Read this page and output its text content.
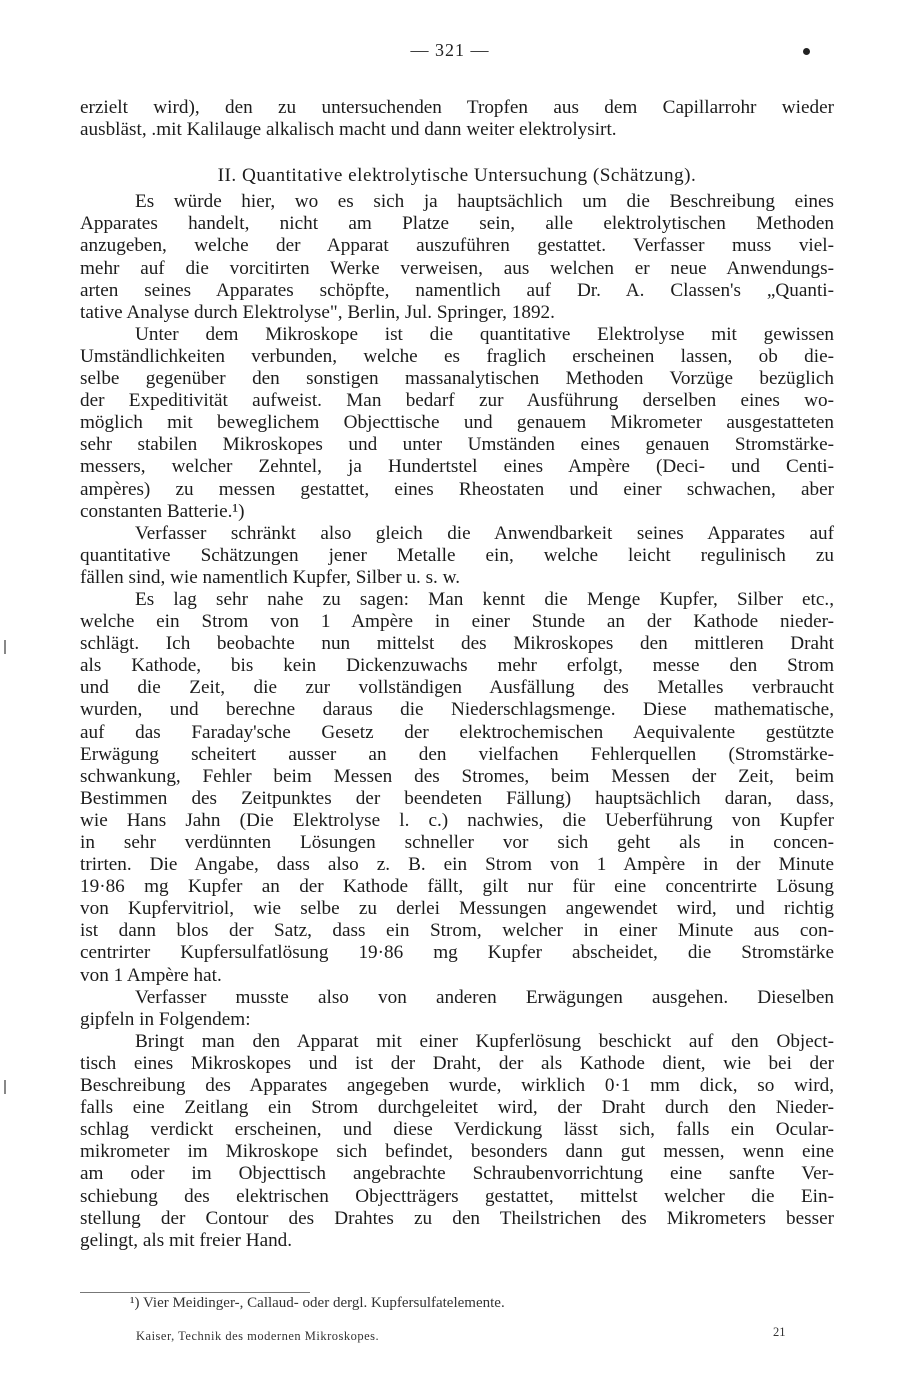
— 321 —
erzielt wird), den zu untersuchenden Tropfen aus dem Capillarrohr wieder
ausbläst, .mit Kalilauge alkalisch macht und dann weiter elektrolysirt.
II. Quantitative elektrolytische Untersuchung (Schätzung).
Es würde hier, wo es sich ja hauptsächlich um die Beschreibung eines
Apparates handelt, nicht am Platze sein, alle elektrolytischen Methoden
anzugeben, welche der Apparat auszuführen gestattet. Verfasser muss viel-
mehr auf die vorcitirten Werke verweisen, aus welchen er neue Anwendungs-
arten seines Apparates schöpfte, namentlich auf Dr. A. Classen's „Quanti-
tative Analyse durch Elektrolyse", Berlin, Jul. Springer, 1892.
Unter dem Mikroskope ist die quantitative Elektrolyse mit gewissen
Umständlichkeiten verbunden, welche es fraglich erscheinen lassen, ob die-
selbe gegenüber den sonstigen massanalytischen Methoden Vorzüge bezüglich
der Expeditivität aufweist. Man bedarf zur Ausführung derselben eines wo-
möglich mit beweglichem Objecttische und genauem Mikrometer ausgestatteten
sehr stabilen Mikroskopes und unter Umständen eines genauen Stromstärke-
messers, welcher Zehntel, ja Hundertstel eines Ampère (Deci- und Centi-
ampères) zu messen gestattet, eines Rheostaten und einer schwachen, aber
constanten Batterie.¹)
Verfasser schränkt also gleich die Anwendbarkeit seines Apparates auf
quantitative Schätzungen jener Metalle ein, welche leicht regulinisch zu
fällen sind, wie namentlich Kupfer, Silber u. s. w.
Es lag sehr nahe zu sagen: Man kennt die Menge Kupfer, Silber etc.,
welche ein Strom von 1 Ampère in einer Stunde an der Kathode nieder-
schlägt. Ich beobachte nun mittelst des Mikroskopes den mittleren Draht
als Kathode, bis kein Dickenzuwachs mehr erfolgt, messe den Strom
und die Zeit, die zur vollständigen Ausfällung des Metalles verbraucht
wurden, und berechne daraus die Niederschlagsmenge. Diese mathematische,
auf das Faraday'sche Gesetz der elektrochemischen Aequivalente gestützte
Erwägung scheitert ausser an den vielfachen Fehlerquellen (Stromstärke-
schwankung, Fehler beim Messen des Stromes, beim Messen der Zeit, beim
Bestimmen des Zeitpunktes der beendeten Fällung) hauptsächlich daran, dass,
wie Hans Jahn (Die Elektrolyse l. c.) nachwies, die Ueberführung von Kupfer
in sehr verdünnten Lösungen schneller vor sich geht als in concen-
trirten. Die Angabe, dass also z. B. ein Strom von 1 Ampère in der Minute
19·86 mg Kupfer an der Kathode fällt, gilt nur für eine concentrirte Lösung
von Kupfervitriol, wie selbe zu derlei Messungen angewendet wird, und richtig
ist dann blos der Satz, dass ein Strom, welcher in einer Minute aus con-
centrirter Kupfersulfatlösung 19·86 mg Kupfer abscheidet, die Stromstärke
von 1 Ampère hat.
Verfasser musste also von anderen Erwägungen ausgehen. Dieselben
gipfeln in Folgendem:
Bringt man den Apparat mit einer Kupferlösung beschickt auf den Object-
tisch eines Mikroskopes und ist der Draht, der als Kathode dient, wie bei der
Beschreibung des Apparates angegeben wurde, wirklich 0·1 mm dick, so wird,
falls eine Zeitlang ein Strom durchgeleitet wird, der Draht durch den Nieder-
schlag verdickt erscheinen, und diese Verdickung lässt sich, falls ein Ocular-
mikrometer im Mikroskope sich befindet, besonders dann gut messen, wenn eine
am oder im Objecttisch angebrachte Schraubenvorrichtung eine sanfte Ver-
schiebung des elektrischen Objectträgers gestattet, mittelst welcher die Ein-
stellung der Contour des Drahtes zu den Theilstrichen des Mikrometers besser
gelingt, als mit freier Hand.
¹) Vier Meidinger-, Callaud- oder dergl. Kupfersulfatelemente.
Kaiser, Technik des modernen Mikroskopes.	21
